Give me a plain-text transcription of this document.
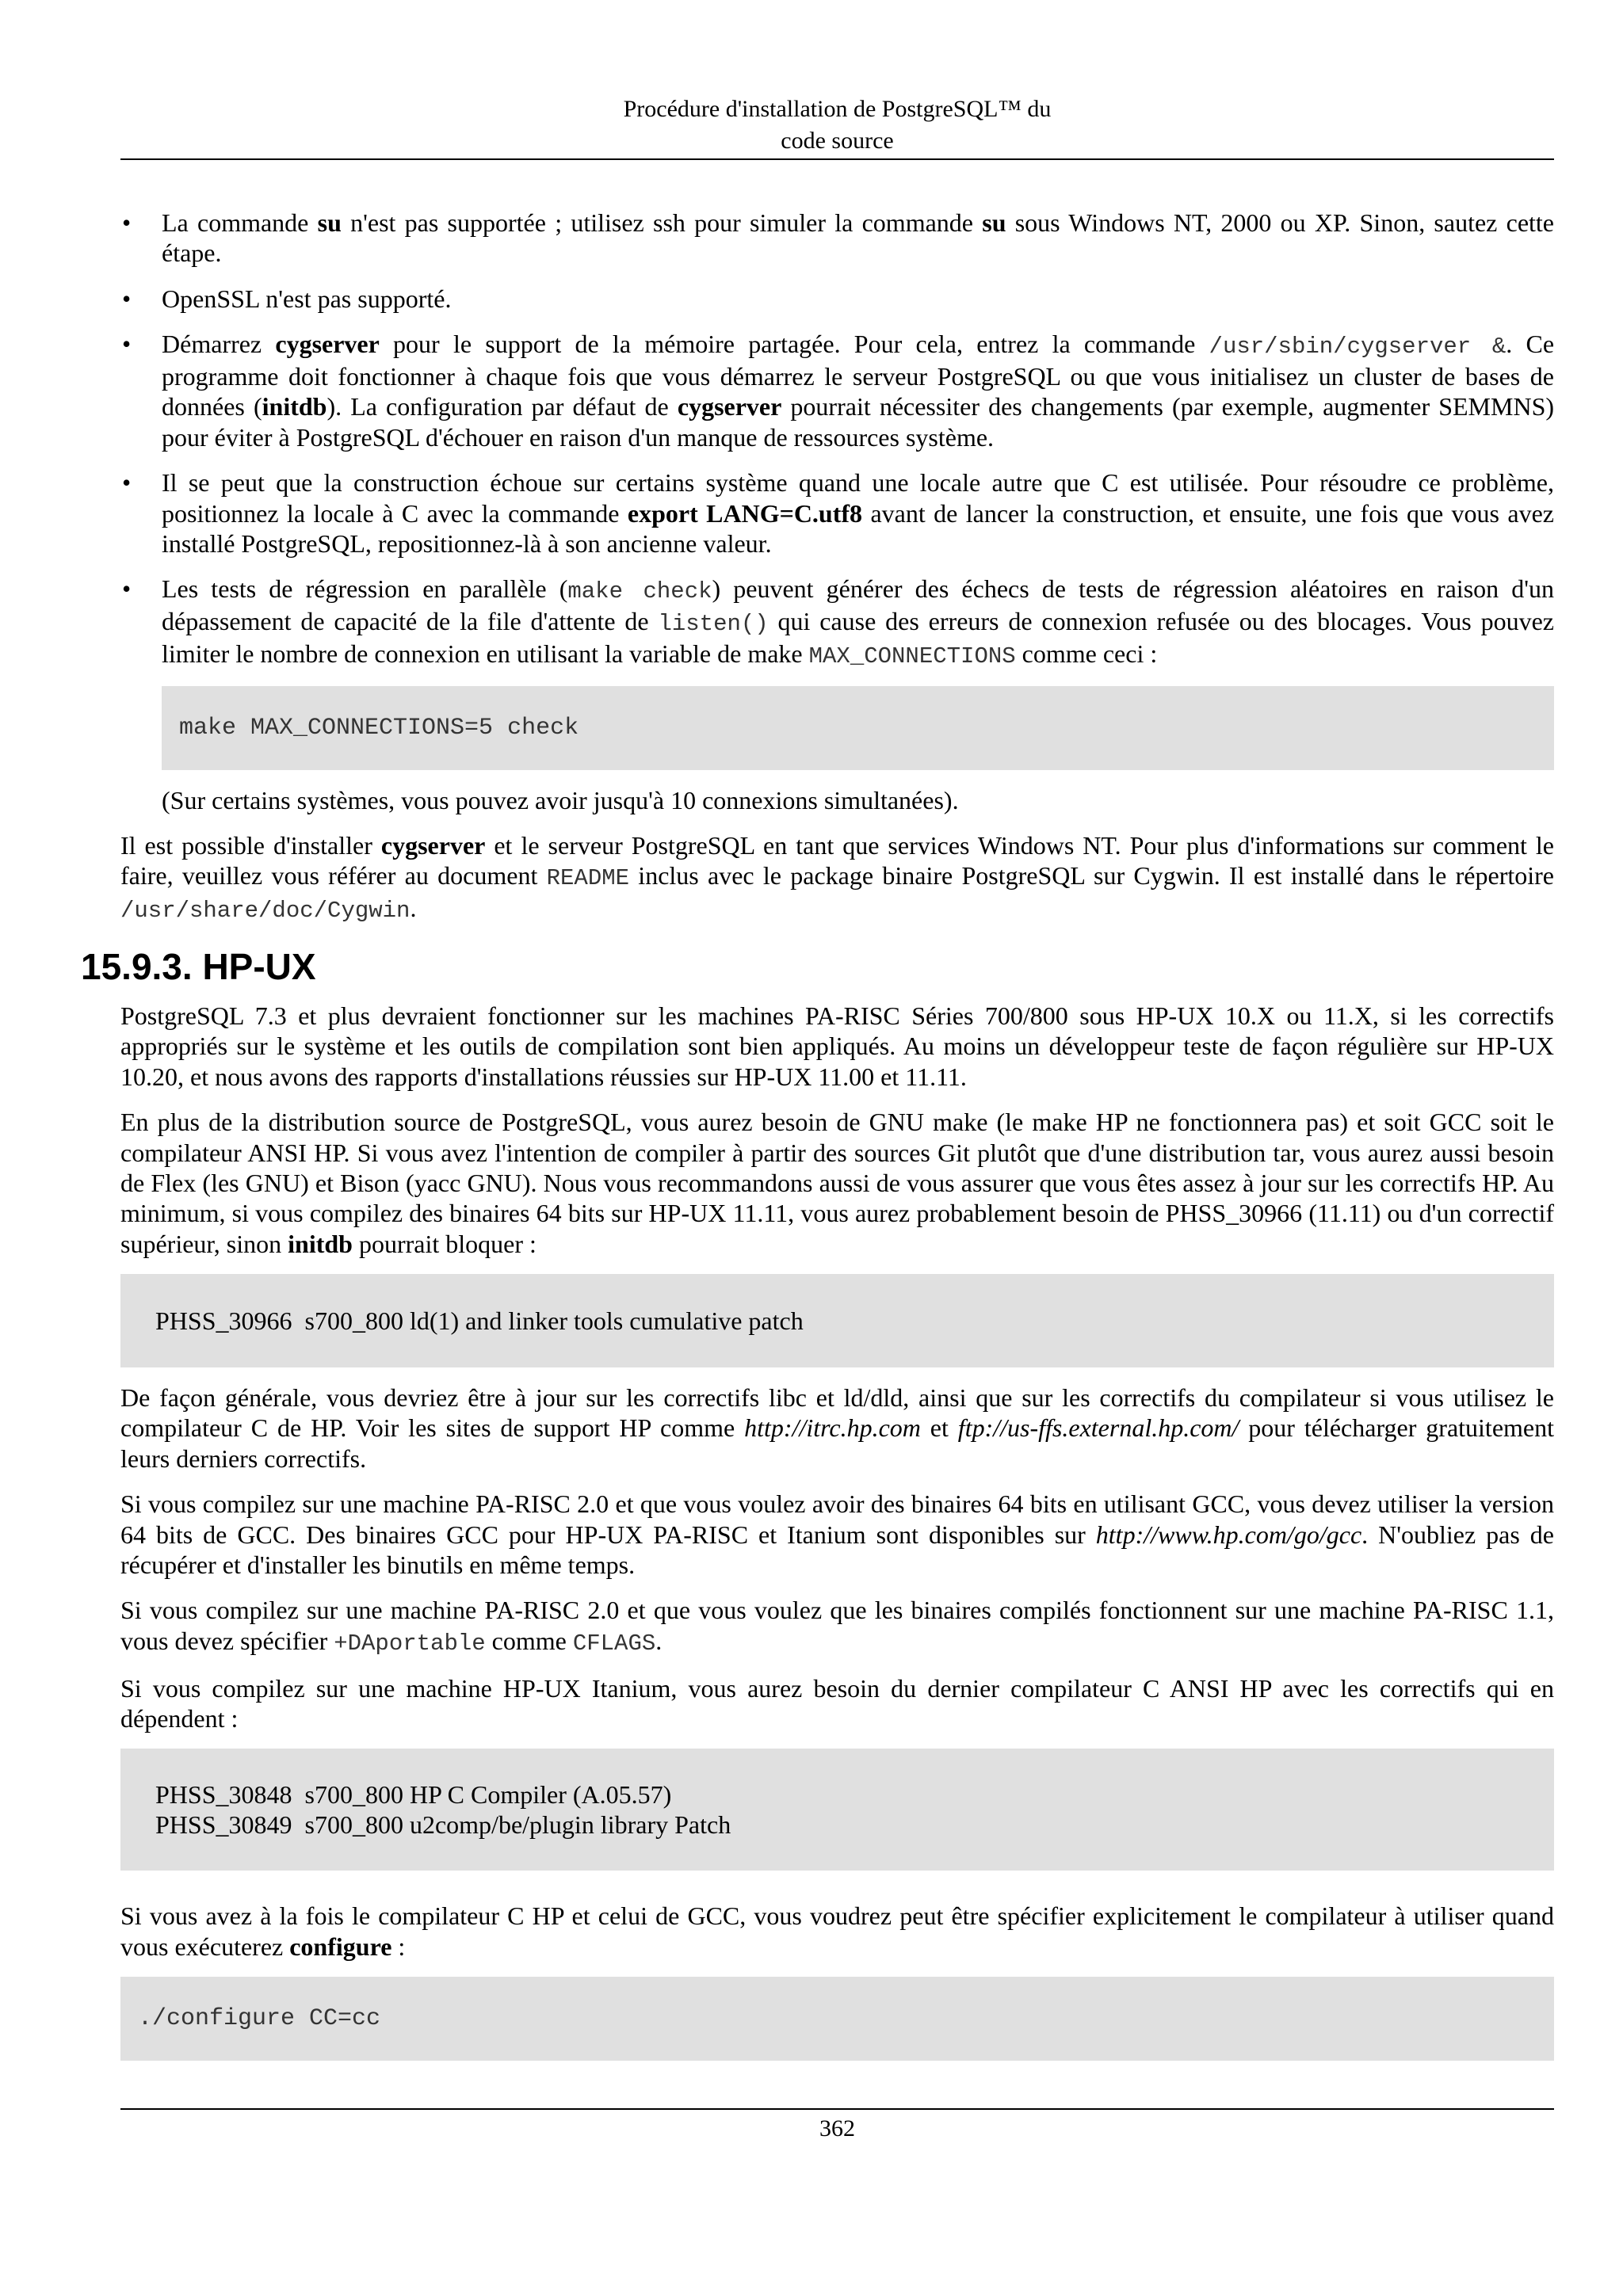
Procédure d'installation de PostgreSQL™ du
code source
• La commande su n'est pas supportée ; utilisez ssh pour simuler la commande su sous Windows NT, 2000 ou XP. Sinon, sautez cette étape.

• OpenSSL n'est pas supporté.

• Démarrez cygserver pour le support de la mémoire partagée. Pour cela, entrez la commande /usr/sbin/cygserver &. Ce programme doit fonctionner à chaque fois que vous démarrez le serveur PostgreSQL ou que vous initialisez un cluster de bases de données (initdb). La configuration par défaut de cygserver pourrait nécessiter des changements (par exemple, augmenter SEMMNS) pour éviter à PostgreSQL d'échouer en raison d'un manque de ressources système.

• Il se peut que la construction échoue sur certains système quand une locale autre que C est utilisée. Pour résoudre ce problème, positionnez la locale à C avec la commande export LANG=C.utf8 avant de lancer la construction, et ensuite, une fois que vous avez installé PostgreSQL, repositionnez-là à son ancienne valeur.

• Les tests de régression en parallèle (make check) peuvent générer des échecs de tests de régression aléatoires en raison d'un dépassement de capacité de la file d'attente de listen() qui cause des erreurs de connexion refusée ou des blocages. Vous pouvez limiter le nombre de connexion en utilisant la variable de make MAX_CONNECTIONS comme ceci :

make MAX_CONNECTIONS=5 check

(Sur certains systèmes, vous pouvez avoir jusqu'à 10 connexions simultanées).

Il est possible d'installer cygserver et le serveur PostgreSQL en tant que services Windows NT. Pour plus d'informations sur comment le faire, veuillez vous référer au document README inclus avec le package binaire PostgreSQL sur Cygwin. Il est installé dans le répertoire /usr/share/doc/Cygwin.

15.9.3. HP-UX

PostgreSQL 7.3 et plus devraient fonctionner sur les machines PA-RISC Séries 700/800 sous HP-UX 10.X ou 11.X, si les correctifs appropriés sur le système et les outils de compilation sont bien appliqués. Au moins un développeur teste de façon régulière sur HP-UX 10.20, et nous avons des rapports d'installations réussies sur HP-UX 11.00 et 11.11.

En plus de la distribution source de PostgreSQL, vous aurez besoin de GNU make (le make HP ne fonctionnera pas) et soit GCC soit le compilateur ANSI HP. Si vous avez l'intention de compiler à partir des sources Git plutôt que d'une distribution tar, vous aurez aussi besoin de Flex (les GNU) et Bison (yacc GNU). Nous vous recommandons aussi de vous assurer que vous êtes assez à jour sur les correctifs HP. Au minimum, si vous compilez des binaires 64 bits sur HP-UX 11.11, vous aurez probablement besoin de PHSS_30966 (11.11) ou d'un correctif supérieur, sinon initdb pourrait bloquer :

PHSS_30966  s700_800 ld(1) and linker tools cumulative patch

De façon générale, vous devriez être à jour sur les correctifs libc et ld/dld, ainsi que sur les correctifs du compilateur si vous utilisez le compilateur C de HP. Voir les sites de support HP comme http://itrc.hp.com et ftp://us-ffs.external.hp.com/ pour télécharger gratuitement leurs derniers correctifs.

Si vous compilez sur une machine PA-RISC 2.0 et que vous voulez avoir des binaires 64 bits en utilisant GCC, vous devez utiliser la version 64 bits de GCC. Des binaires GCC pour HP-UX PA-RISC et Itanium sont disponibles sur http://www.hp.com/go/gcc. N'oubliez pas de récupérer et d'installer les binutils en même temps.

Si vous compilez sur une machine PA-RISC 2.0 et que vous voulez que les binaires compilés fonctionnent sur une machine PA-RISC 1.1, vous devez spécifier +DAportable comme CFLAGS.

Si vous compilez sur une machine HP-UX Itanium, vous aurez besoin du dernier compilateur C ANSI HP avec les correctifs qui en dépendent :

PHSS_30848  s700_800 HP C Compiler (A.05.57)
PHSS_30849  s700_800 u2comp/be/plugin library Patch

Si vous avez à la fois le compilateur C HP et celui de GCC, vous voudrez peut être spécifier explicitement le compilateur à utiliser quand vous exécuterez configure :

./configure CC=cc
362
